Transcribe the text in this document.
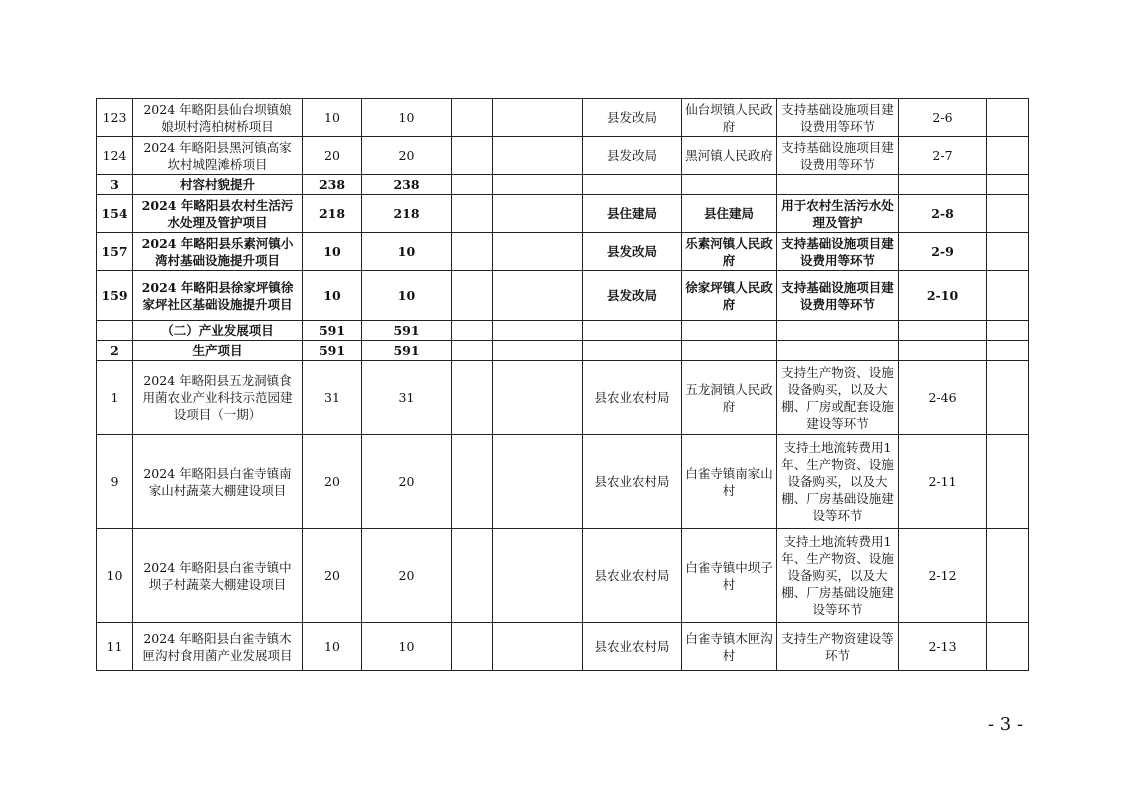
123	2024 年略阳县仙台坝镇娘娘坝村湾柏树桥项目	10	10			县发改局	仙台坝镇人民政府	支持基础设施项目建设费用等环节	2-6	
124	2024 年略阳县黑河镇高家坎村城隍滩桥项目	20	20			县发改局	黑河镇人民政府	支持基础设施项目建设费用等环节	2-7	
3	村容村貌提升	238	238							
154	2024 年略阳县农村生活污水处理及管护项目	218	218			县住建局	县住建局	用于农村生活污水处理及管护	2-8	
157	2024 年略阳县乐素河镇小湾村基础设施提升项目	10	10			县发改局	乐素河镇人民政府	支持基础设施项目建设费用等环节	2-9	
159	2024 年略阳县徐家坪镇徐家坪社区基础设施提升项目	10	10			县发改局	徐家坪镇人民政府	支持基础设施项目建设费用等环节	2-10	
	（二）产业发展项目	591	591							
2	生产项目	591	591							
1	2024 年略阳县五龙洞镇食用菌农业产业科技示范园建设项目（一期）	31	31			县农业农村局	五龙洞镇人民政府	支持生产物资、设施设备购买，以及大棚、厂房或配套设施建设等环节	2-46	
9	2024 年略阳县白雀寺镇南家山村蔬菜大棚建设项目	20	20			县农业农村局	白雀寺镇南家山村	支持土地流转费用1 年、生产物资、设施设备购买，以及大棚、厂房基础设施建设等环节	2-11	
10	2024 年略阳县白雀寺镇中坝子村蔬菜大棚建设项目	20	20			县农业农村局	白雀寺镇中坝子村	支持土地流转费用1 年、生产物资、设施设备购买，以及大棚、厂房基础设施建设等环节	2-12	
11	2024 年略阳县白雀寺镇木匣沟村食用菌产业发展项目	10	10			县农业农村局	白雀寺镇木匣沟村	支持生产物资建设等环节	2-13	
- 3 -
